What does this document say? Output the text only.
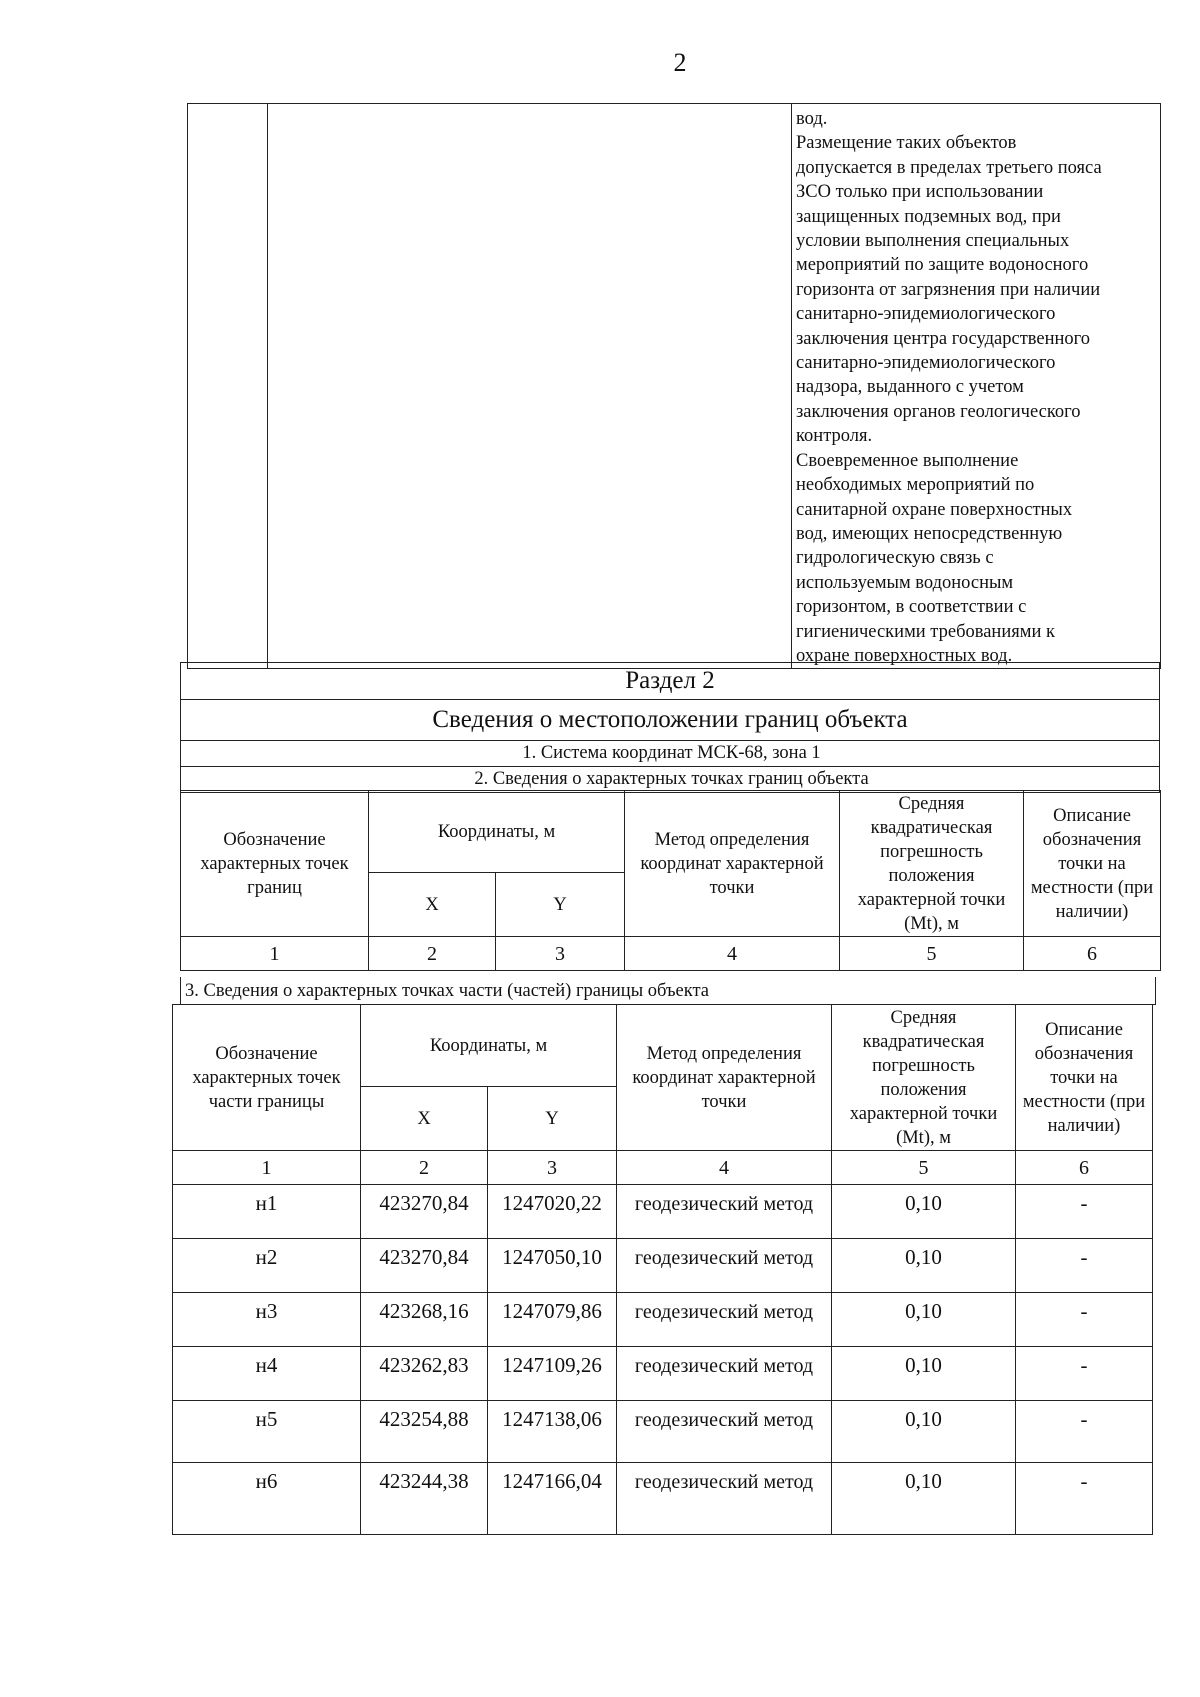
2

вод.
Размещение таких объектов
допускается в пределах третьего пояса
ЗСО только при использовании
защищенных подземных вод, при
условии выполнения специальных
мероприятий по защите водоносного
горизонта от загрязнения при наличии
санитарно-эпидемиологического
заключения центра государственного
санитарно-эпидемиологического
надзора, выданного с учетом
заключения органов геологического
контроля.
Своевременное выполнение
необходимых мероприятий по
санитарной охране поверхностных
вод, имеющих непосредственную
гидрологическую связь с
используемым водоносным
горизонтом, в соответствии с
гигиеническими требованиями к
охране поверхностных вод.
Раздел 2
Сведения о местоположении границ объекта
1. Система координат МСК-68, зона 1
2. Сведения о характерных точках границ объекта
Обозначение характерных точек границ	Координаты, м		Метод определения координат характерной точки	Средняя квадратическая погрешность положения характерной точки (Mt), м	Описание обозначения точки на местности (при наличии)
	X	Y			
1	2	3	4	5	6
3. Сведения о характерных точках части (частей) границы объекта
Обозначение характерных точек части границы	Координаты, м		Метод определения координат характерной точки	Средняя квадратическая погрешность положения характерной точки (Mt), м	Описание обозначения точки на местности (при наличии)
	X	Y			
1	2	3	4	5	6
н1	423270,84	1247020,22	геодезический метод	0,10	-
н2	423270,84	1247050,10	геодезический метод	0,10	-
н3	423268,16	1247079,86	геодезический метод	0,10	-
н4	423262,83	1247109,26	геодезический метод	0,10	-
н5	423254,88	1247138,06	геодезический метод	0,10	-
н6	423244,38	1247166,04	геодезический метод	0,10	-
